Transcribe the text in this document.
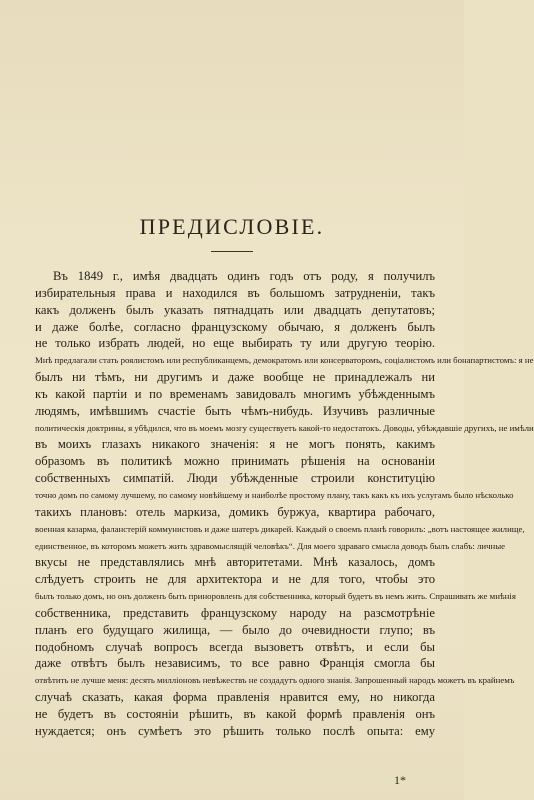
ПРЕДИСЛОВІЕ.
Въ 1849 г., имѣя двадцать одинъ годъ отъ роду, я получилъ
избирательныя права и находился въ большомъ затрудненіи, такъ
какъ долженъ былъ указать пятнадцать или двадцать депутатовъ;
и даже болѣе, согласно французскому обычаю, я долженъ былъ
не только избрать людей, но еще выбирать ту или другую теорію.
Мнѣ предлагали стать роялистомъ или республиканцемъ, демократомъ или консерваторомъ, соціалистомъ или бонапартистомъ: я не
былъ ни тѣмъ, ни другимъ и даже вообще не принадлежалъ ни
къ какой партіи и по временамъ завидовалъ многимъ убѣжденнымъ
людямъ, имѣвшимъ счастіе быть чѣмъ-нибудь. Изучивъ различные
политическія доктрины, я убѣдился, что въ моемъ мозгу существуетъ какой-то недостатокъ. Доводы, убѣждавшіе другихъ, не имѣли
въ моихъ глазахъ никакого значенія: я не могъ понять, какимъ
образомъ въ политикѣ можно принимать рѣшенія на основаніи
собственныхъ симпатій. Люди убѣжденные строили конституцію
точно домъ по самому лучшему, по самому новѣйшему и наиболѣе простому плану, такъ какъ къ ихъ услугамъ было нѣсколько
такихъ плановъ: отель маркиза, домикъ буржуа, квартира рабочаго,
военная казарма, фаланстерій коммунистовъ и даже шатеръ дикарей. Каждый о своемъ планѣ говорилъ: „вотъ настоящее жилище,
единственное, въ которомъ можетъ жить здравомыслящій человѣкъ“. Для моего здраваго смысла доводъ былъ слабъ: личные
вкусы не представлялись мнѣ авторитетами. Мнѣ казалось, домъ
слѣдуетъ строить не для архитектора и не для того, чтобы это
былъ только домъ, но онъ долженъ быть приноровленъ для собственника, который будетъ въ немъ жить. Спрашивать же мнѣнія
собственника, представить французскому народу на разсмотрѣніе
планъ его будущаго жилища, — было до очевидности глупо; въ
подобномъ случаѣ вопросъ всегда вызоветъ отвѣтъ, и если бы
даже отвѣтъ былъ независимъ, то все равно Франція смогла бы
отвѣтить не лучше меня: десять милліоновъ невѣжествъ не создадутъ одного знанія. Запрошенный народъ можетъ въ крайнемъ
случаѣ сказать, какая форма правленія нравится ему, но никогда
не будетъ въ состояніи рѣшить, въ какой формѣ правленія онъ
нуждается; онъ сумѣетъ это рѣшить только послѣ опыта: ему
1*
